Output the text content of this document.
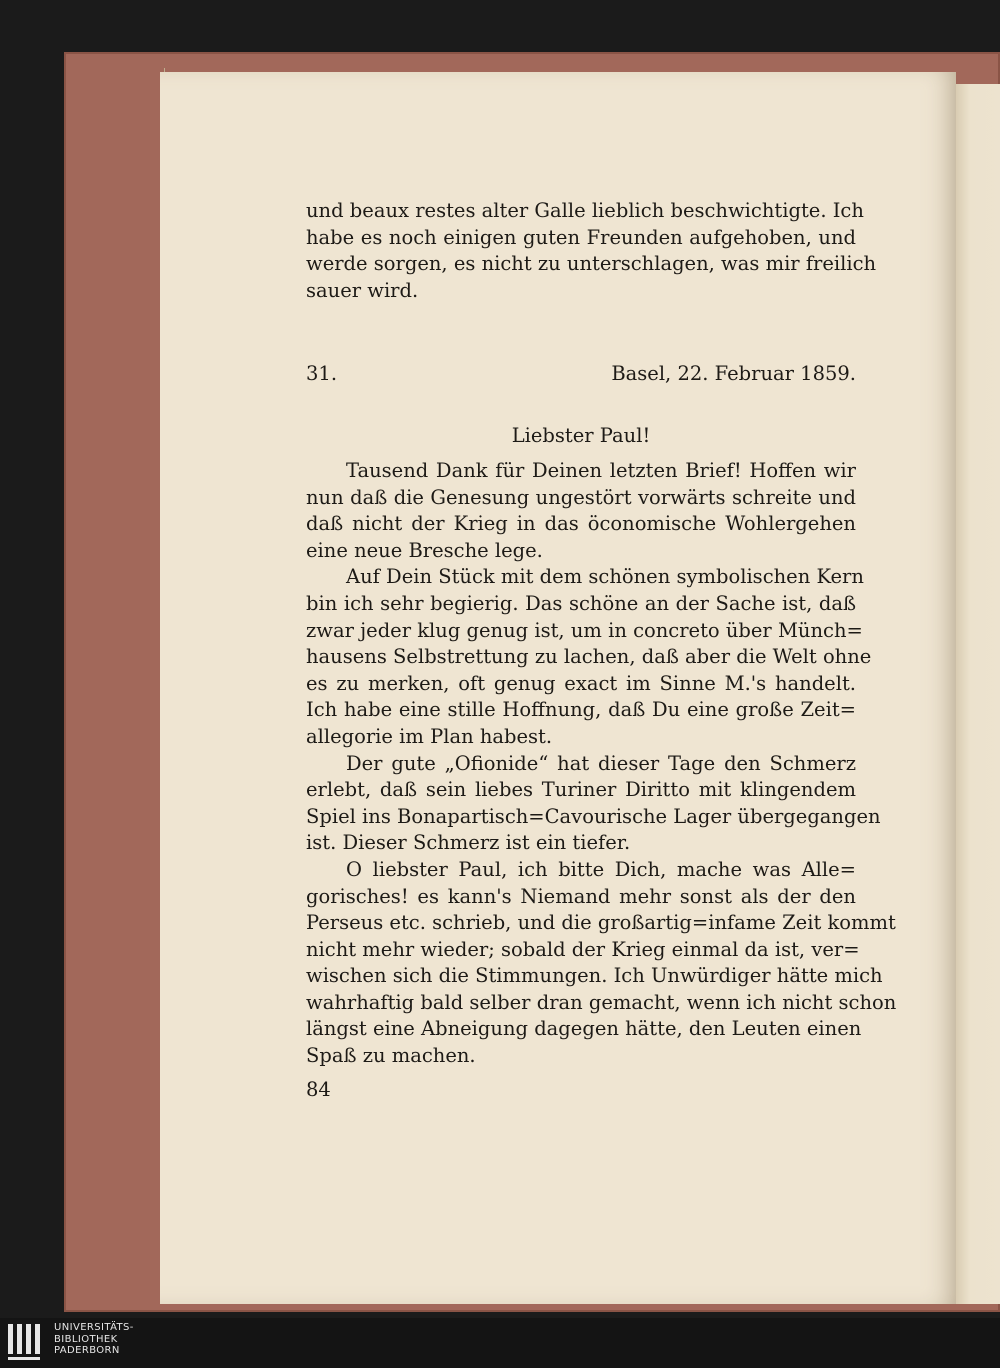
und beaux restes alter Galle lieblich beschwichtigte. Ich
habe es noch einigen guten Freunden aufgehoben, und
werde sorgen, es nicht zu unterschlagen, was mir freilich
sauer wird.
31.	Basel, 22. Februar 1859.
Liebster Paul!
Tausend Dank für Deinen letzten Brief! Hoffen wir
nun daß die Genesung ungestört vorwärts schreite und
daß nicht der Krieg in das öconomische Wohlergehen
eine neue Bresche lege.
Auf Dein Stück mit dem schönen symbolischen Kern
bin ich sehr begierig. Das schöne an der Sache ist, daß
zwar jeder klug genug ist, um in concreto über Münch=
hausens Selbstrettung zu lachen, daß aber die Welt ohne
es zu merken, oft genug exact im Sinne M.'s handelt.
Ich habe eine stille Hoffnung, daß Du eine große Zeit=
allegorie im Plan habest.
Der gute „Ofionide“ hat dieser Tage den Schmerz
erlebt, daß sein liebes Turiner Diritto mit klingendem
Spiel ins Bonapartisch=Cavourische Lager übergegangen
ist. Dieser Schmerz ist ein tiefer.
O liebster Paul, ich bitte Dich, mache was Alle=
gorisches! es kann's Niemand mehr sonst als der den
Perseus etc. schrieb, und die großartig=infame Zeit kommt
nicht mehr wieder; sobald der Krieg einmal da ist, ver=
wischen sich die Stimmungen. Ich Unwürdiger hätte mich
wahrhaftig bald selber dran gemacht, wenn ich nicht schon
längst eine Abneigung dagegen hätte, den Leuten einen
Spaß zu machen.
84
UNIVERSITÄTS-
BIBLIOTHEK
PADERBORN
